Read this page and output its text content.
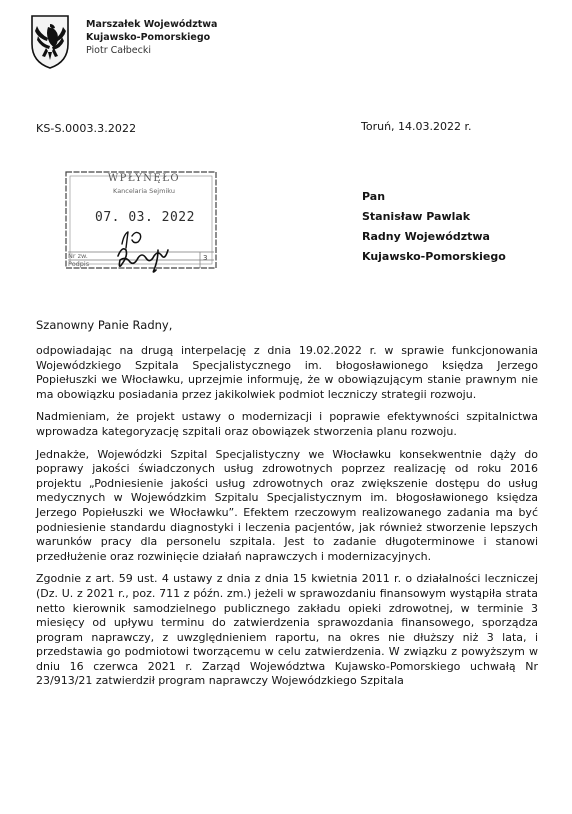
Marszałek Województwa
Kujawsko-Pomorskiego
Piotr Całbecki
KS-S.0003.3.2022	Toruń, 14.03.2022 r.
WPŁYNĘŁO
Kancelaria Sejmiku
07. 03. 2022
Nr zw.
Podpis
3
Pan
Stanisław Pawlak
Radny Województwa
Kujawsko-Pomorskiego
Szanowny Panie Radny,

odpowiadając na drugą interpelację z dnia 19.02.2022 r. w sprawie funkcjonowania Wojewódzkiego Szpitala Specjalistycznego im. błogosławionego księdza Jerzego Popiełuszki we Włocławku, uprzejmie informuję, że w obowiązującym stanie prawnym nie ma obowiązku posiadania przez jakikolwiek podmiot leczniczy strategii rozwoju.

Nadmieniam, że projekt ustawy o modernizacji i poprawie efektywności szpitalnictwa wprowadza kategoryzację szpitali oraz obowiązek stworzenia planu rozwoju.

Jednakże, Wojewódzki Szpital Specjalistyczny we Włocławku konsekwentnie dąży do poprawy jakości świadczonych usług zdrowotnych poprzez realizację od roku 2016 projektu „Podniesienie jakości usług zdrowotnych oraz zwiększenie dostępu do usług medycznych w Wojewódzkim Szpitalu Specjalistycznym im. błogosławionego księdza Jerzego Popiełuszki we Włocławku”. Efektem rzeczowym realizowanego zadania ma być podniesienie standardu diagnostyki i leczenia pacjentów, jak również stworzenie lepszych warunków pracy dla personelu szpitala. Jest to zadanie długoterminowe i stanowi przedłużenie oraz rozwinięcie działań naprawczych i modernizacyjnych.

Zgodnie z art. 59 ust. 4 ustawy z dnia z dnia 15 kwietnia 2011 r. o działalności leczniczej (Dz. U. z 2021 r., poz. 711 z późn. zm.) jeżeli w sprawozdaniu finansowym wystąpiła strata netto kierownik samodzielnego publicznego zakładu opieki zdrowotnej, w terminie 3 miesięcy od upływu terminu do zatwierdzenia sprawozdania finansowego, sporządza program naprawczy, z uwzględnieniem raportu, na okres nie dłuższy niż 3 lata, i przedstawia go podmiotowi tworzącemu w celu zatwierdzenia. W związku z powyższym w dniu 16 czerwca 2021 r. Zarząd Województwa Kujawsko-Pomorskiego uchwałą Nr 23/913/21 zatwierdził program naprawczy Wojewódzkiego Szpitala
